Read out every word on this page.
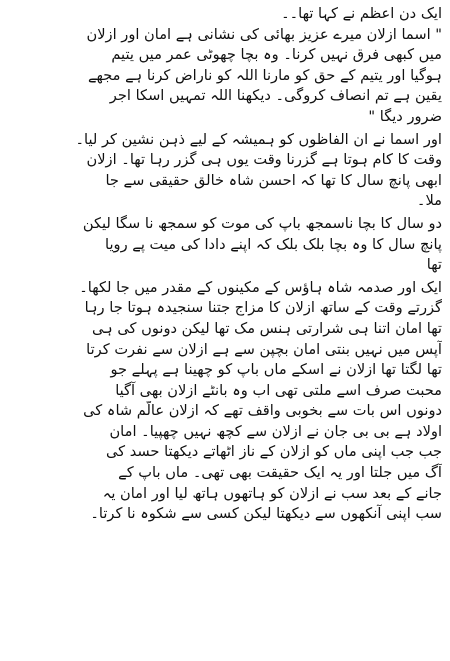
ایک دن اعظم نے کہا تھا۔۔
" اسما ازلان میرے عزیز بھائی کی نشانی ہے امان اور ازلان
میں کبھی فرق نہیں کرنا۔ وہ بچا چھوٹی عمر میں یتیم
ہوگیا اور یتیم کے حق کو مارنا اللہ کو ناراض کرنا ہے مجھے
یقین ہے تم انصاف کروگی۔ دیکھنا اللہ تمہیں اسکا اجر
ضرور دیگا "
اور اسما نے ان الفاظوں کو ہمیشہ کے لیے ذہن نشین کر لیا۔
وقت کا کام ہوتا ہے گزرنا وقت یوں ہی گزر رہا تھا۔ ازلان
ابھی پانچ سال کا تھا کہ احسن شاہ خالق حقیقی سے جا
ملا۔
دو سال کا بچا ناسمجھ باپ کی موت کو سمجھ نا سگا لیکن
پانچ سال کا وہ بچا بلک بلک کہ اپنے دادا کی میت پے رویا
تھا
ایک اور صدمہ شاہ ہاؤس کے مکینوں کے مقدر میں جا لکھا۔
گزرتے وقت کے ساتھ ازلان کا مزاج جتنا سنجیدہ ہوتا جا رہا
تھا امان اتنا ہی شرارتی ہنس مک تھا لیکن دونوں کی ہی
آپس میں نہیں بنتی امان بچپن سے ہے ازلان سے نفرت کرتا
تھا لگتا تھا ازلان نے اسکے ماں باپ کو چھینا ہے پہلے جو
محبت صرف اسے ملتی تھی اب وہ بانٹے ازلان بھی آگیا
دونوں اس بات سے بخوبی واقف تھے کہ ازلان عالّم شاہ کی
اولاد ہے بی بی جان نے ازلان سے کچھ نہیں چھپیا۔ امان
جب جب اپنی ماں کو ازلان کے ناز اٹھاتے دیکھتا حسد کی
آگ میں جلتا اور یہ ایک حقیقت بھی تھی۔ ماں باپ کے
جانے کے بعد سب نے ازلان کو ہاتھوں ہاتھ لیا اور امان یہ
سب اپنی آنکھوں سے دیکھتا لیکن کسی سے شکوہ نا کرتا۔
